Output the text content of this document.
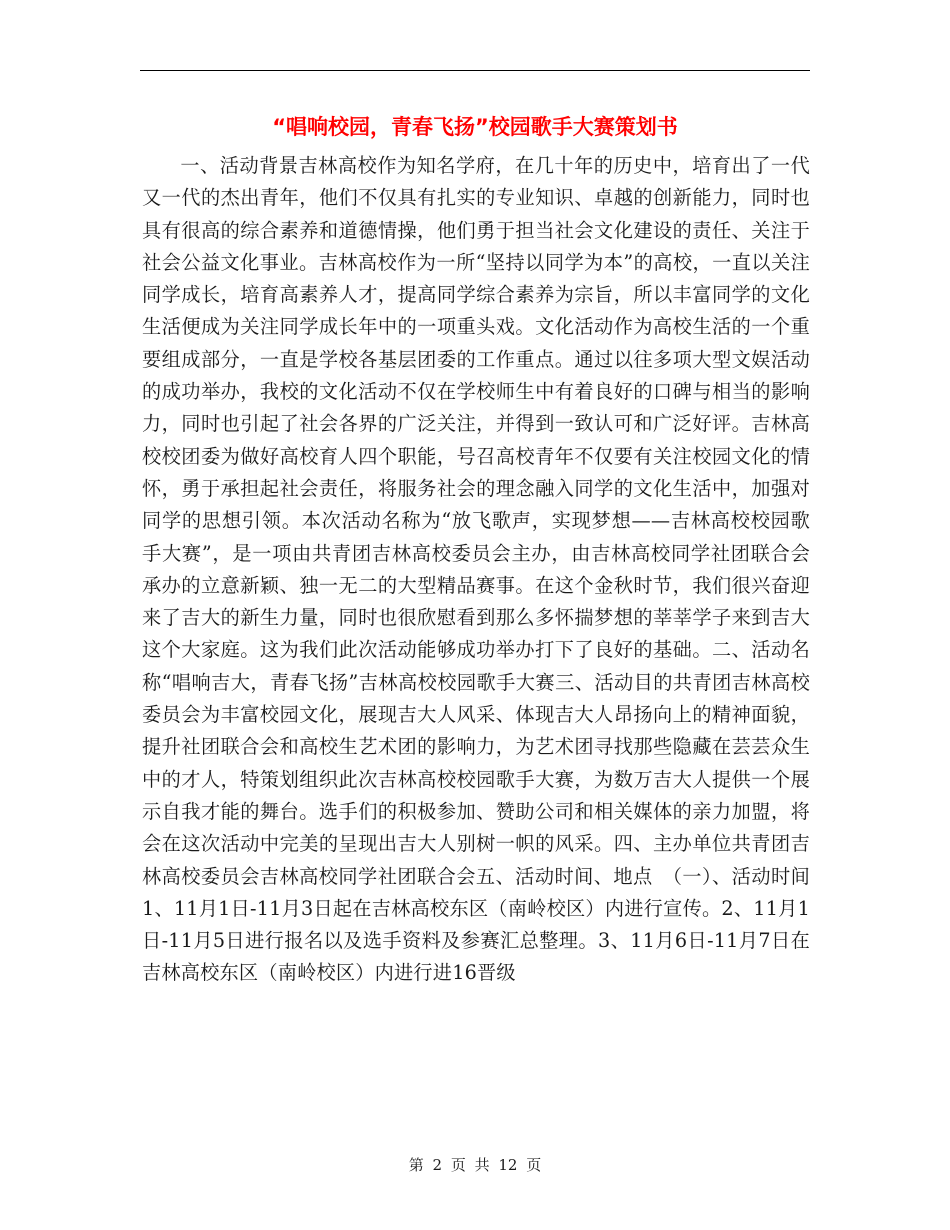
“唱响校园，青春飞扬”校园歌手大赛策划书

一、活动背景吉林高校作为知名学府，在几十年的历史中，培育出了一代又一代的杰出青年，他们不仅具有扎实的专业知识、卓越的创新能力，同时也具有很高的综合素养和道德情操，他们勇于担当社会文化建设的责任、关注于社会公益文化事业。吉林高校作为一所“坚持以同学为本”的高校，一直以关注同学成长，培育高素养人才，提高同学综合素养为宗旨，所以丰富同学的文化生活便成为关注同学成长年中的一项重头戏。文化活动作为高校生活的一个重要组成部分，一直是学校各基层团委的工作重点。通过以往多项大型文娱活动的成功举办，我校的文化活动不仅在学校师生中有着良好的口碑与相当的影响力，同时也引起了社会各界的广泛关注，并得到一致认可和广泛好评。吉林高校校团委为做好高校育人四个职能，号召高校青年不仅要有关注校园文化的情怀，勇于承担起社会责任，将服务社会的理念融入同学的文化生活中，加强对同学的思想引领。本次活动名称为“放飞歌声，实现梦想——吉林高校校园歌手大赛”，是一项由共青团吉林高校委员会主办，由吉林高校同学社团联合会承办的立意新颖、独一无二的大型精品赛事。在这个金秋时节，我们很兴奋迎来了吉大的新生力量，同时也很欣慰看到那么多怀揣梦想的莘莘学子来到吉大这个大家庭。这为我们此次活动能够成功举办打下了良好的基础。二、活动名称“唱响吉大，青春飞扬”吉林高校校园歌手大赛三、活动目的共青团吉林高校委员会为丰富校园文化，展现吉大人风采、体现吉大人昂扬向上的精神面貌，提升社团联合会和高校生艺术团的影响力，为艺术团寻找那些隐藏在芸芸众生中的才人，特策划组织此次吉林高校校园歌手大赛，为数万吉大人提供一个展示自我才能的舞台。选手们的积极参加、赞助公司和相关媒体的亲力加盟，将会在这次活动中完美的呈现出吉大人别树一帜的风采。四、主办单位共青团吉林高校委员会吉林高校同学社团联合会五、活动时间、地点　（一）、活动时间1、11月1日-11月3日起在吉林高校东区（南岭校区）内进行宣传。2、11月1日-11月5日进行报名以及选手资料及参赛汇总整理。3、11月6日-11月7日在吉林高校东区（南岭校区）内进行进16晋级

第 2 页 共 12 页
